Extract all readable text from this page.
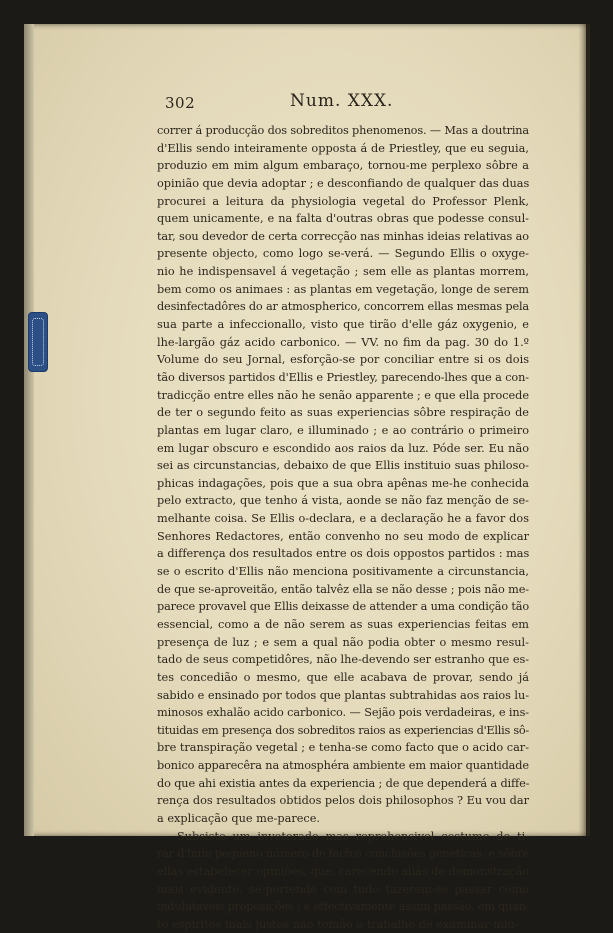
302	Num. XXX.
correr á producção dos sobreditos phenomenos. — Mas a doutrina
d'Ellis sendo inteiramente opposta á de Priestley, que eu seguia,
produzio em mim algum embaraço, tornou-me perplexo sôbre a
opinião que devia adoptar ; e desconfiando de qualquer das duas
procurei a leitura da physiologia vegetal do Professor Plenk,
quem unicamente, e na falta d'outras obras que podesse consul-
tar, sou devedor de certa correcção nas minhas ideias relativas ao
presente objecto, como logo se-verá. — Segundo Ellis o oxyge-
nio he indispensavel á vegetação ; sem elle as plantas morrem,
bem como os animaes : as plantas em vegetação, longe de serem
desinfectadôres do ar atmospherico, concorrem ellas mesmas pela
sua parte a infeccionallo, visto que tirão d'elle gáz oxygenio, e
lhe-largão gáz acido carbonico. — VV. no fim da pag. 30 do 1.º
Volume do seu Jornal, esforção-se por conciliar entre si os dois
tão diversos partidos d'Ellis e Priestley, parecendo-lhes que a con-
tradicção entre elles não he senão apparente ; e que ella procede
de ter o segundo feito as suas experiencias sôbre respiração de
plantas em lugar claro, e illuminado ; e ao contrário o primeiro
em lugar obscuro e escondido aos raios da luz. Póde ser. Eu não
sei as circunstancias, debaixo de que Ellis instituio suas philoso-
phicas indagações, pois que a sua obra apênas me-he conhecida
pelo extracto, que tenho á vista, aonde se não faz menção de se-
melhante coisa. Se Ellis o-declara, e a declaração he a favor dos
Senhores Redactores, então convenho no seu modo de explicar
a differença dos resultados entre os dois oppostos partidos : mas
se o escrito d'Ellis não menciona positivamente a circunstancia,
de que se-aproveitão, então talvêz ella se não desse ; pois não me-
parece provavel que Ellis deixasse de attender a uma condição tão
essencial, como a de não serem as suas experiencias feitas em
presença de luz ; e sem a qual não podia obter o mesmo resul-
tado de seus competidôres, não lhe-devendo ser estranho que es-
tes concedião o mesmo, que elle acabava de provar, sendo já
sabido e ensinado por todos que plantas subtrahidas aos raios lu-
minosos exhalão acido carbonico. — Sejão pois verdadeiras, e ins-
tituidas em presença dos sobreditos raios as experiencias d'Ellis sô-
bre transpiração vegetal ; e tenha-se como facto que o acido car-
bonico apparecêra na atmosphéra ambiente em maior quantidade
do que ahi existia antes da experiencia ; de que dependerá a diffe-
rença dos resultados obtidos pelos dois philosophos ? Eu vou dar
a explicação que me-parece.
Subsiste um inveterado mas reprehensivel costume de ti-
rar d'hum pequeno número de factos conclusões geneticas, e sôbre
ellas estabelecer opiniões, que, carecendo aliás de demonstração
mais evidente, se-pertende com tudo fazerem-se passar como
indubitaveis proposições ; e effectivamente assim passão, em quan-
to espiritos mais justos não tomão o trabalho de examinar miu-
